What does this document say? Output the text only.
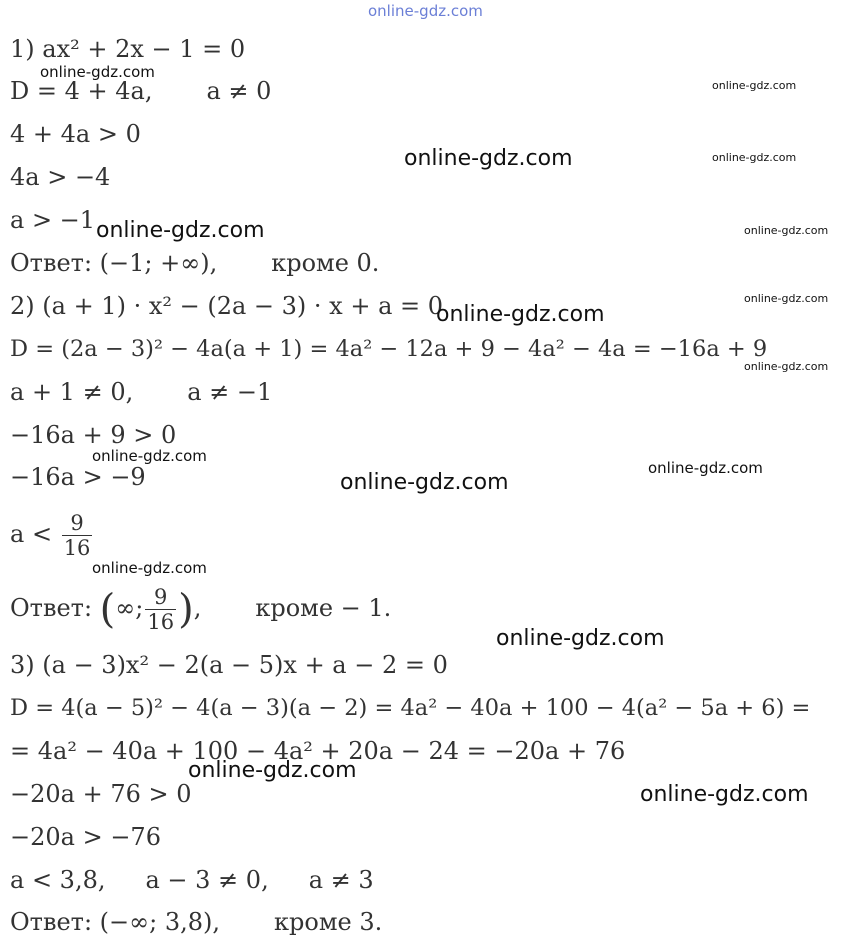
online-gdz.com
1) ax² + 2x − 1 = 0
D = 4 + 4a, a ≠ 0
4 + 4a > 0
4a > −4
a > −1
Ответ: (−1; +∞), кроме 0.
2) (a + 1) · x² − (2a − 3) · x + a = 0
D = (2a − 3)² − 4a(a + 1) = 4a² − 12a + 9 − 4a² − 4a = −16a + 9
a + 1 ≠ 0, a ≠ −1
−16a + 9 > 0
−16a > −9
$a < \frac{9}{16}$
Ответ: (∞; $\frac{9}{16}$ ), кроме − 1.
3) (a − 3)x² − 2(a − 5)x + a − 2 = 0
D = 4(a − 5)² − 4(a − 3)(a − 2) = 4a² − 40a + 100 − 4(a² − 5a + 6) =
= 4a² − 40a + 100 − 4a² + 20a − 24 = −20a + 76
−20a + 76 > 0
−20a > −76
a < 3,8, a − 3 ≠ 0, a ≠ 3
Ответ: (−∞; 3,8), кроме 3.
online-gdz.com
online-gdz.com
online-gdz.com	online-gdz.com
online-gdz.com	online-gdz.com
online-gdz.com
online-gdz.com
online-gdz.com
online-gdz.com
online-gdz.com
online-gdz.com
online-gdz.com
online-gdz.com
online-gdz.com
online-gdz.com
